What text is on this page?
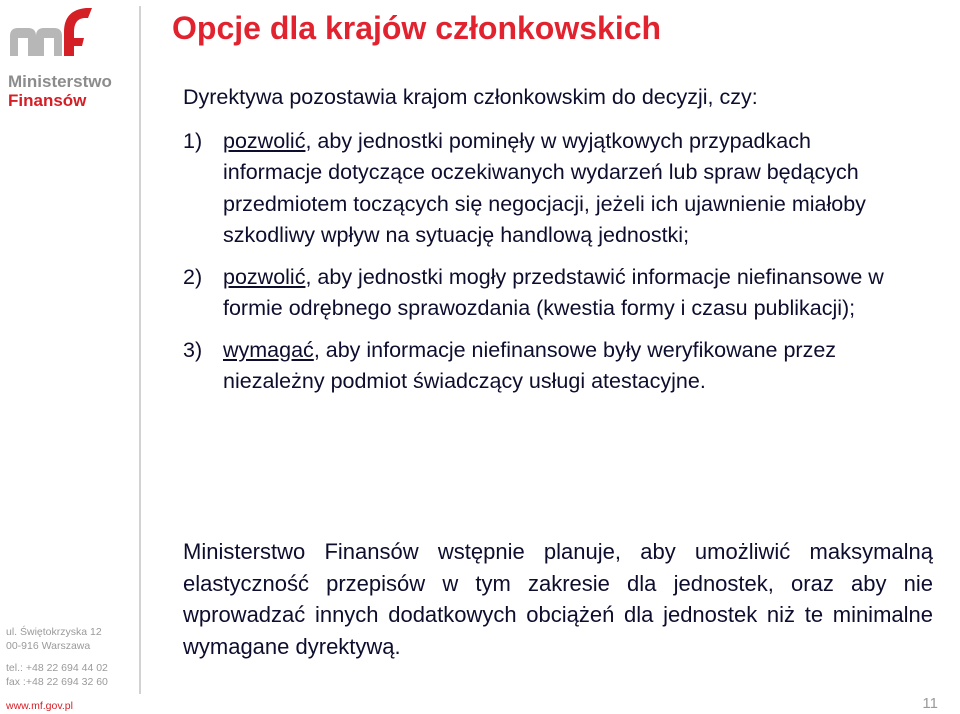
Ministerstwo
Finansów
Opcje dla krajów członkowskich
Dyrektywa pozostawia krajom członkowskim do decyzji, czy:
1) pozwolić, aby jednostki pominęły w wyjątkowych przypadkach informacje dotyczące oczekiwanych wydarzeń lub spraw będących przedmiotem toczących się negocjacji, jeżeli ich ujawnienie miałoby szkodliwy wpływ na sytuację handlową jednostki;
2) pozwolić, aby jednostki mogły przedstawić informacje niefinansowe w formie odrębnego sprawozdania (kwestia formy i czasu publikacji);
3) wymagać, aby informacje niefinansowe były weryfikowane przez niezależny podmiot świadczący usługi atestacyjne.
Ministerstwo Finansów wstępnie planuje, aby umożliwić maksymalną elastyczność przepisów w tym zakresie dla jednostek, oraz aby nie wprowadzać innych dodatkowych obciążeń dla jednostek niż te minimalne wymagane dyrektywą.
ul. Świętokrzyska 12
00-916 Warszawa
tel.: +48 22 694 44 02
fax :+48 22 694 32 60
www.mf.gov.pl	11
